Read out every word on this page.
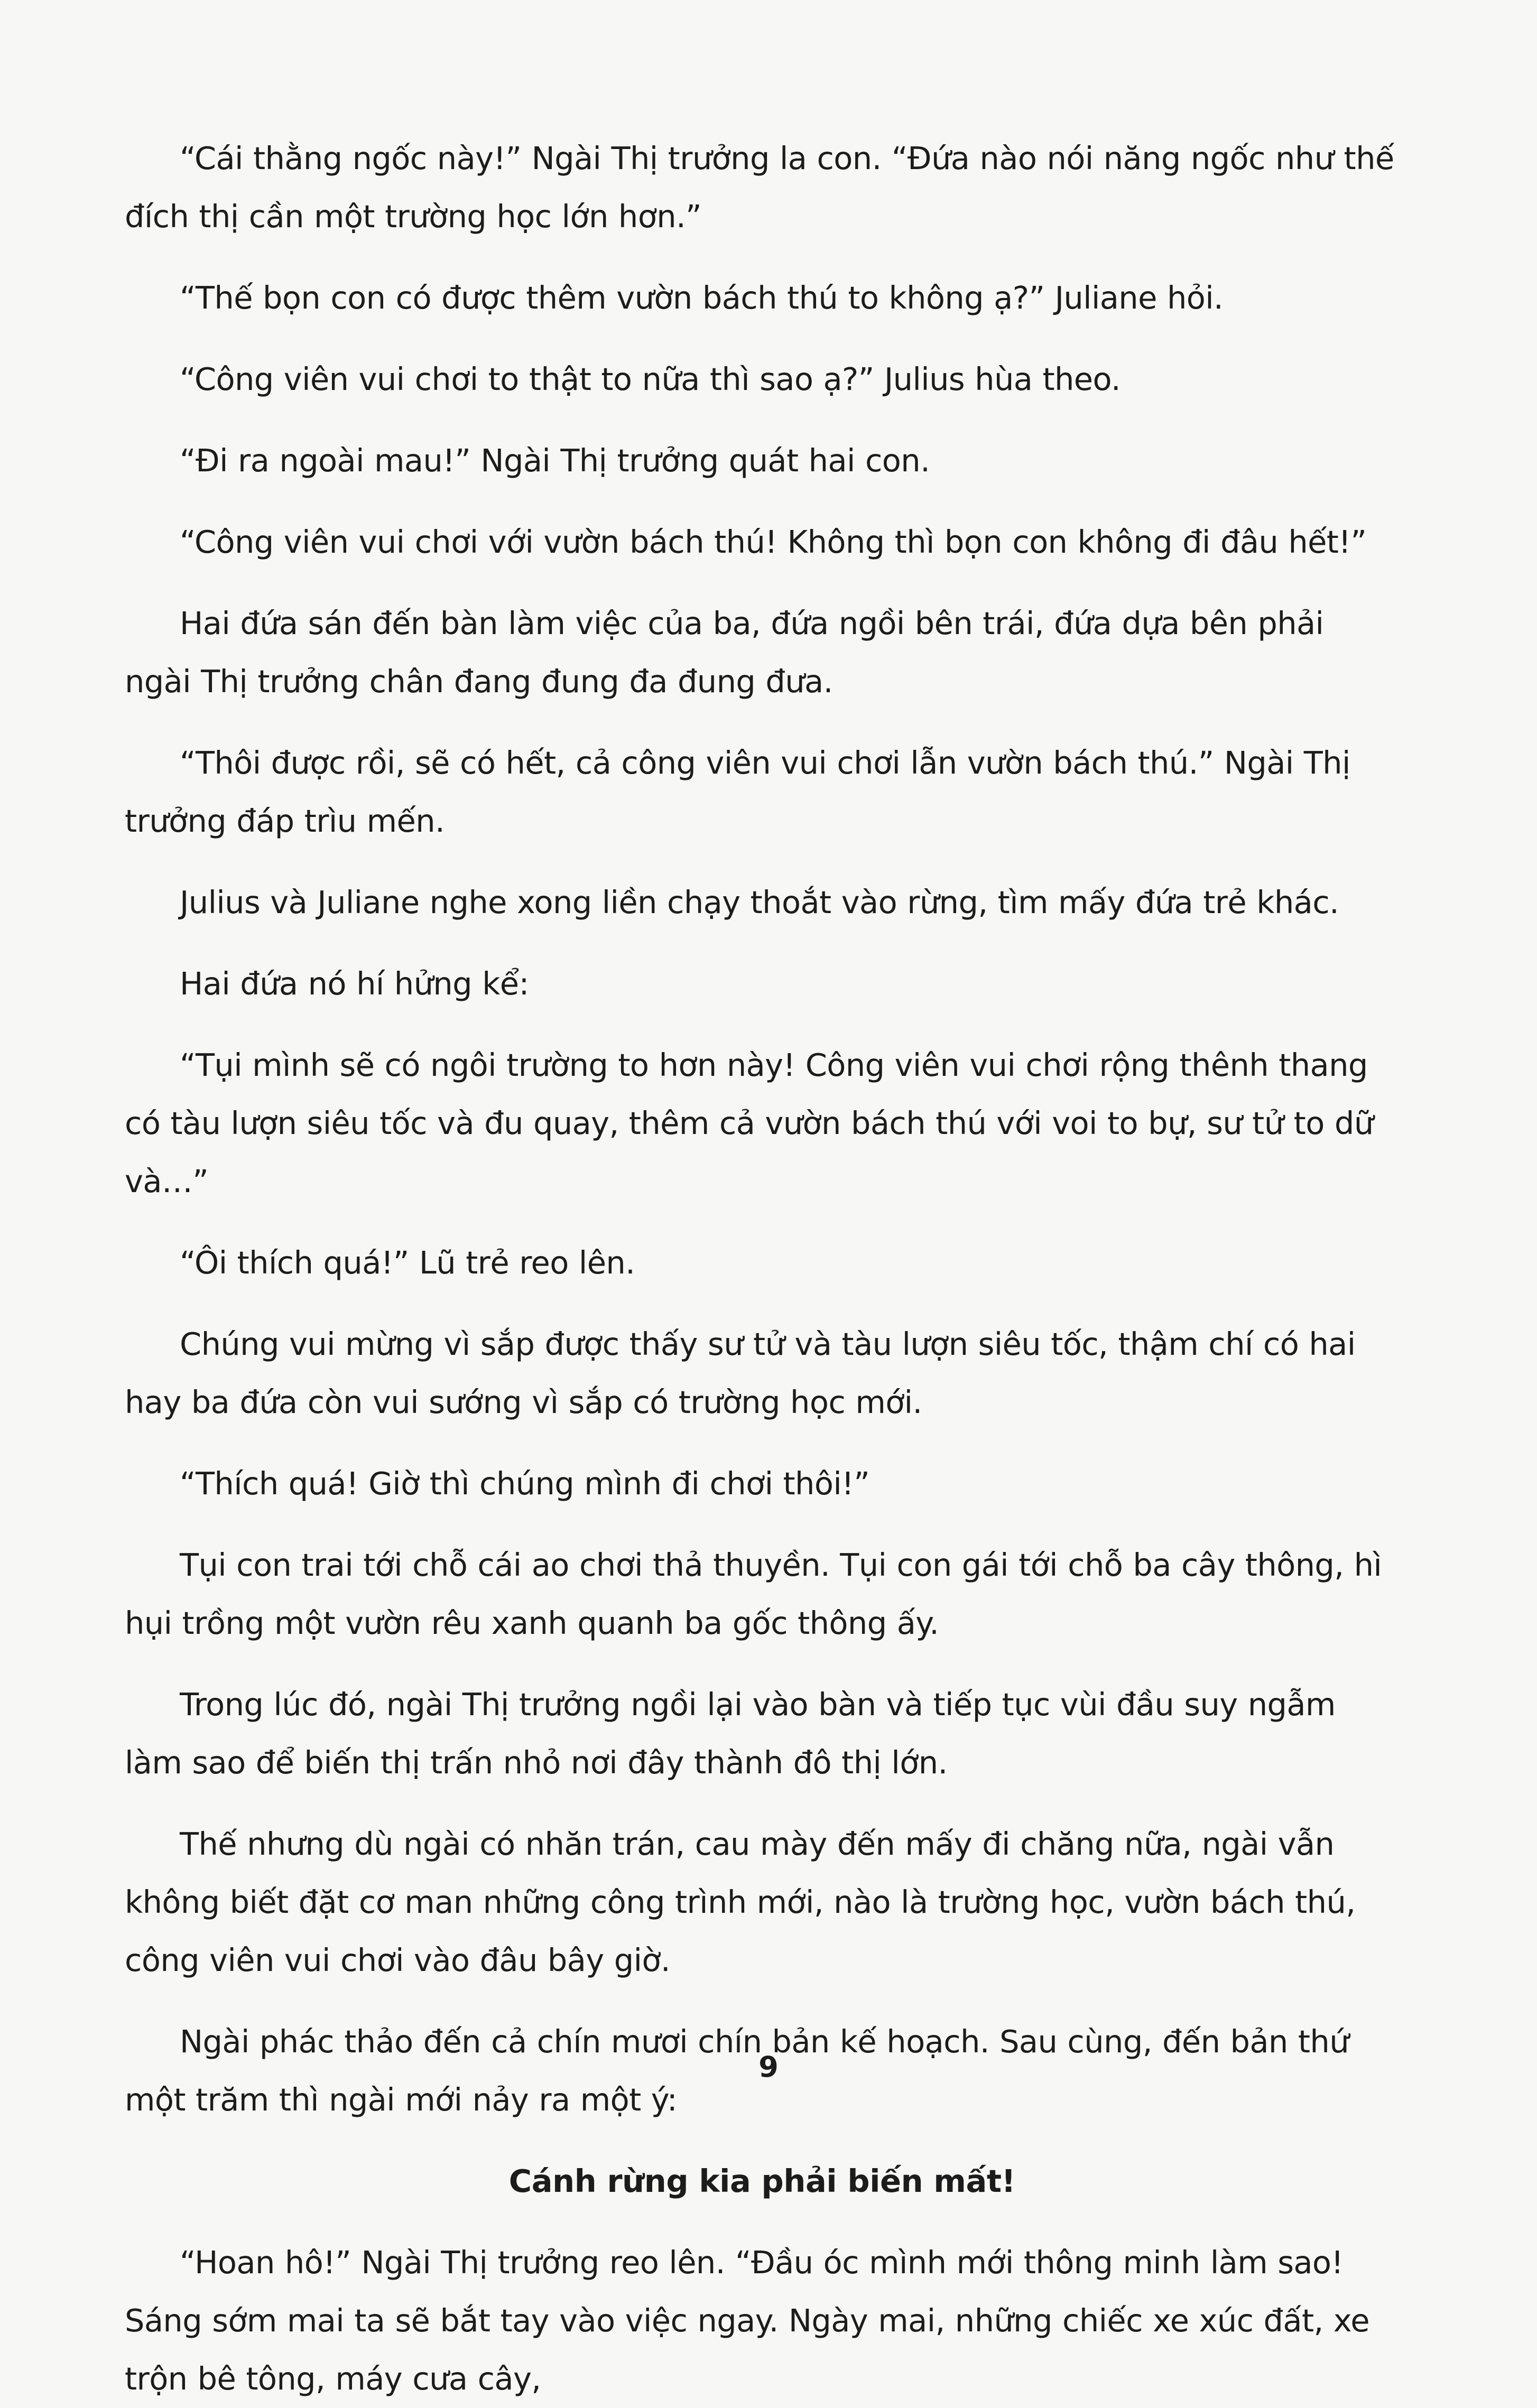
“Cái thằng ngốc này!” Ngài Thị trưởng la con. “Đứa nào nói năng ngốc như thế đích thị cần một trường học lớn hơn.”

“Thế bọn con có được thêm vườn bách thú to không ạ?” Juliane hỏi.

“Công viên vui chơi to thật to nữa thì sao ạ?” Julius hùa theo.

“Đi ra ngoài mau!” Ngài Thị trưởng quát hai con.

“Công viên vui chơi với vườn bách thú! Không thì bọn con không đi đâu hết!”

Hai đứa sán đến bàn làm việc của ba, đứa ngồi bên trái, đứa dựa bên phải ngài Thị trưởng chân đang đung đa đung đưa.

“Thôi được rồi, sẽ có hết, cả công viên vui chơi lẫn vườn bách thú.” Ngài Thị trưởng đáp trìu mến.

Julius và Juliane nghe xong liền chạy thoắt vào rừng, tìm mấy đứa trẻ khác.

Hai đứa nó hí hửng kể:

“Tụi mình sẽ có ngôi trường to hơn này! Công viên vui chơi rộng thênh thang có tàu lượn siêu tốc và đu quay, thêm cả vườn bách thú với voi to bự, sư tử to dữ và…”

“Ôi thích quá!” Lũ trẻ reo lên.

Chúng vui mừng vì sắp được thấy sư tử và tàu lượn siêu tốc, thậm chí có hai hay ba đứa còn vui sướng vì sắp có trường học mới.

“Thích quá! Giờ thì chúng mình đi chơi thôi!”

Tụi con trai tới chỗ cái ao chơi thả thuyền. Tụi con gái tới chỗ ba cây thông, hì hụi trồng một vườn rêu xanh quanh ba gốc thông ấy.

Trong lúc đó, ngài Thị trưởng ngồi lại vào bàn và tiếp tục vùi đầu suy ngẫm làm sao để biến thị trấn nhỏ nơi đây thành đô thị lớn.

Thế nhưng dù ngài có nhăn trán, cau mày đến mấy đi chăng nữa, ngài vẫn không biết đặt cơ man những công trình mới, nào là trường học, vườn bách thú, công viên vui chơi vào đâu bây giờ.

Ngài phác thảo đến cả chín mươi chín bản kế hoạch. Sau cùng, đến bản thứ một trăm thì ngài mới nảy ra một ý:

Cánh rừng kia phải biến mất!

“Hoan hô!” Ngài Thị trưởng reo lên. “Đầu óc mình mới thông minh làm sao! Sáng sớm mai ta sẽ bắt tay vào việc ngay. Ngày mai, những chiếc xe xúc đất, xe trộn bê tông, máy cưa cây,

9
